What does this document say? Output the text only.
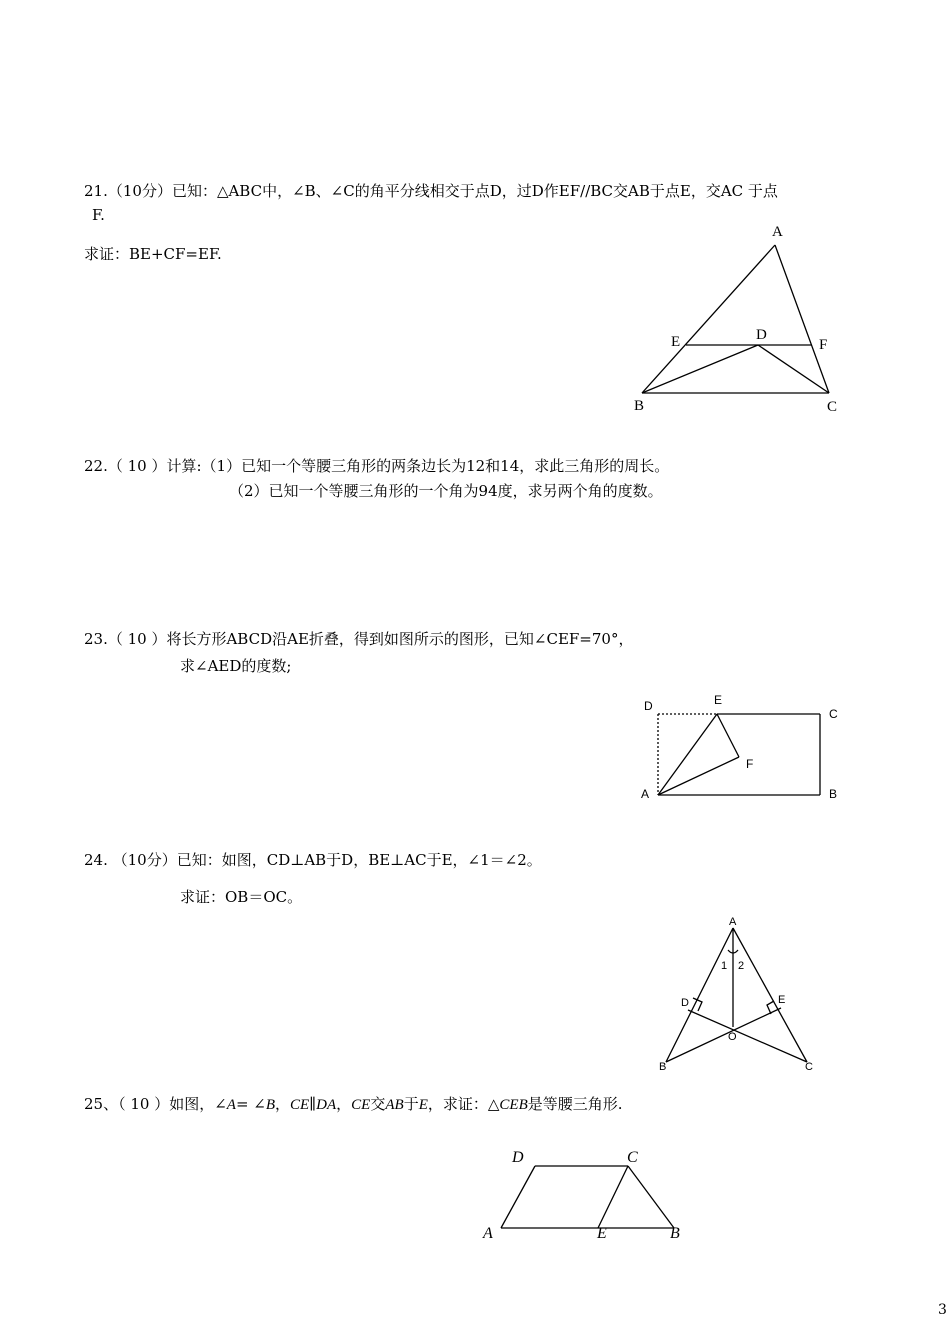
21.（10分）已知：△ABC中，∠B、∠C的角平分线相交于点D，过D作EF//BC交AB于点E，交AC 于点
F.
求证：BE+CF=EF.
A
E	D
F
B	C
22.（ 10 ）计算:（1）已知一个等腰三角形的两条边长为12和14，求此三角形的周长。
（2）已知一个等腰三角形的一个角为94度，求另两个角的度数。
23.（ 10 ）将长方形ABCD沿AE折叠，得到如图所示的图形，已知∠CEF=70°，
求∠AED的度数;
D	E
C
F
A	B
24. （10分）已知：如图，CD⊥AB于D，BE⊥AC于E，∠1＝∠2。
求证：OB＝OC。
A
1 2
D	E
O
B	C
25、（ 10 ）如图，∠A= ∠B，CE∥DA，CE交AB于E，求证：△CEB是等腰三角形.
D	C
A	E	B
3
